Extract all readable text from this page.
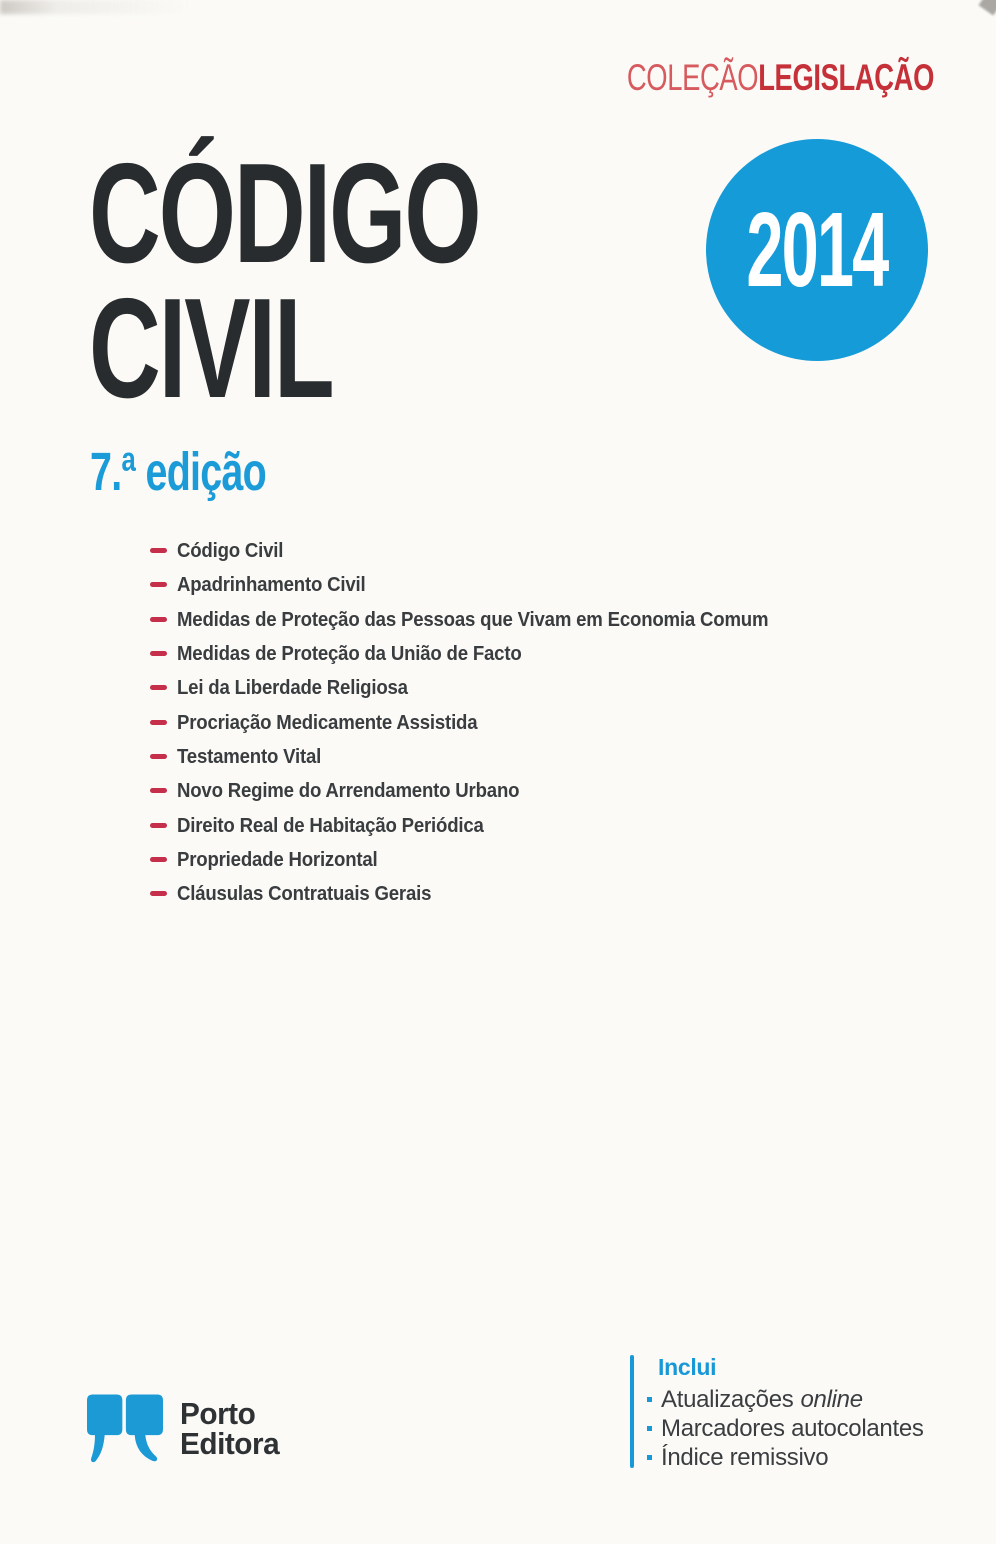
COLEÇÃOLEGISLAÇÃO
CÓDIGO
CIVIL
7.ª edição
2014
Código Civil
Apadrinhamento Civil
Medidas de Proteção das Pessoas que Vivam em Economia Comum
Medidas de Proteção da União de Facto
Lei da Liberdade Religiosa
Procriação Medicamente Assistida
Testamento Vital
Novo Regime do Arrendamento Urbano
Direito Real de Habitação Periódica
Propriedade Horizontal
Cláusulas Contratuais Gerais
Porto
Editora
Inclui
Atualizações online
Marcadores autocolantes
Índice remissivo
